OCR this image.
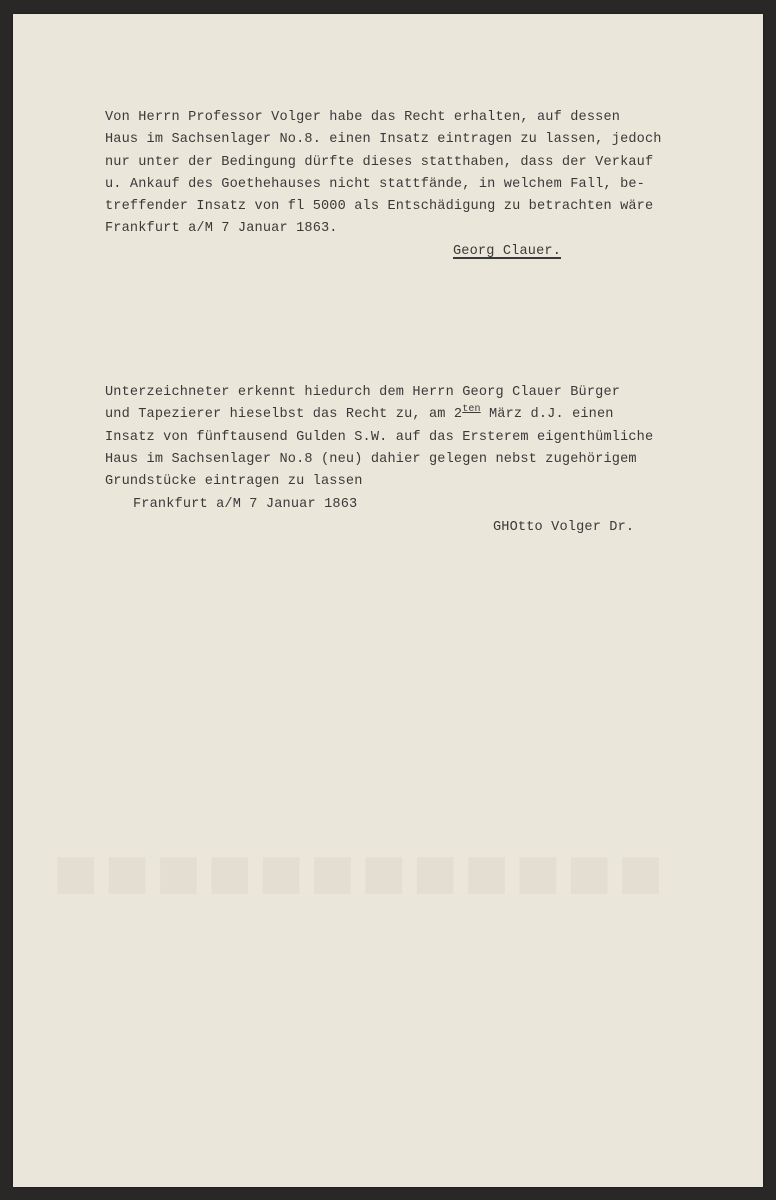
■■■■■■■■■■■■
Von Herrn Professor Volger habe das Recht erhalten, auf dessen
Haus im Sachsenlager No.8. einen Insatz eintragen zu lassen, jedoch
nur unter der Bedingung dürfte dieses statthaben, dass der Verkauf
u. Ankauf des Goethehauses nicht stattfände, in welchem Fall, be-
treffender Insatz von fl 5000 als Entschädigung zu betrachten wäre
Frankfurt a/M 7 Januar 1863.
Georg Clauer.
Unterzeichneter erkennt hiedurch dem Herrn Georg Clauer Bürger
und Tapezierer hieselbst das Recht zu, am $2^{ten}$ März d.J. einen
Insatz von fünftausend Gulden S.W. auf das Ersterem eigenthümliche
Haus im Sachsenlager No.8 (neu) dahier gelegen nebst zugehörigem
Grundstücke eintragen zu lassen
Frankfurt a/M 7 Januar 1863
GHOtto Volger Dr.
